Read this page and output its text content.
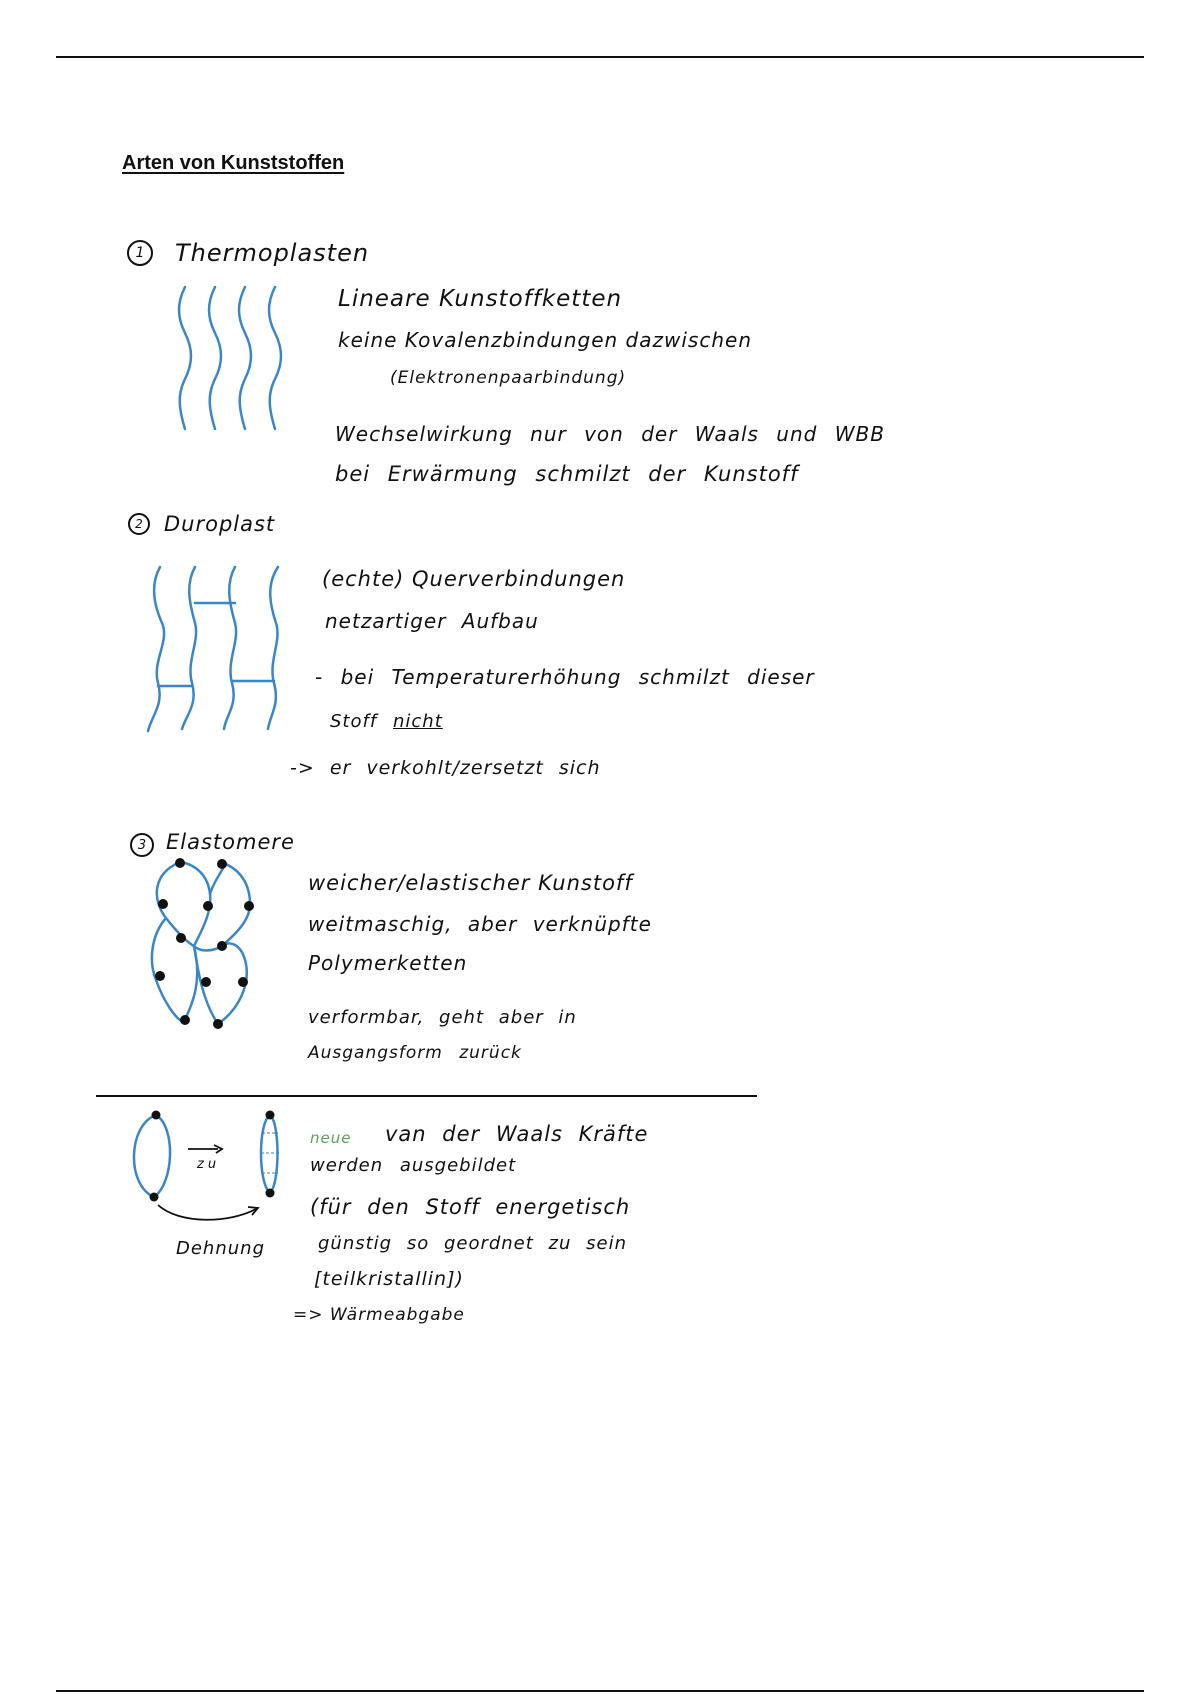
Arten von Kunststoffen
1	Thermoplasten
Lineare Kunstoffketten
keine Kovalenzbindungen dazwischen
(Elektronenpaarbindung)
Wechselwirkung nur von der Waals und WBB
bei Erwärmung schmilzt der Kunstoff
2	Duroplast
(echte) Querverbindungen
netzartiger Aufbau
- bei Temperaturerhöhung schmilzt dieser
Stoff nicht
-> er verkohlt/zersetzt sich
3 Elastomere
weicher/elastischer Kunstoff
weitmaschig, aber verknüpfte
Polymerketten
verformbar, geht aber in
Ausgangsform zurück
zu
Dehnung
neue van der Waals Kräfte
werden ausgebildet
(für den Stoff energetisch
günstig so geordnet zu sein
[teilkristallin])
=> Wärmeabgabe
